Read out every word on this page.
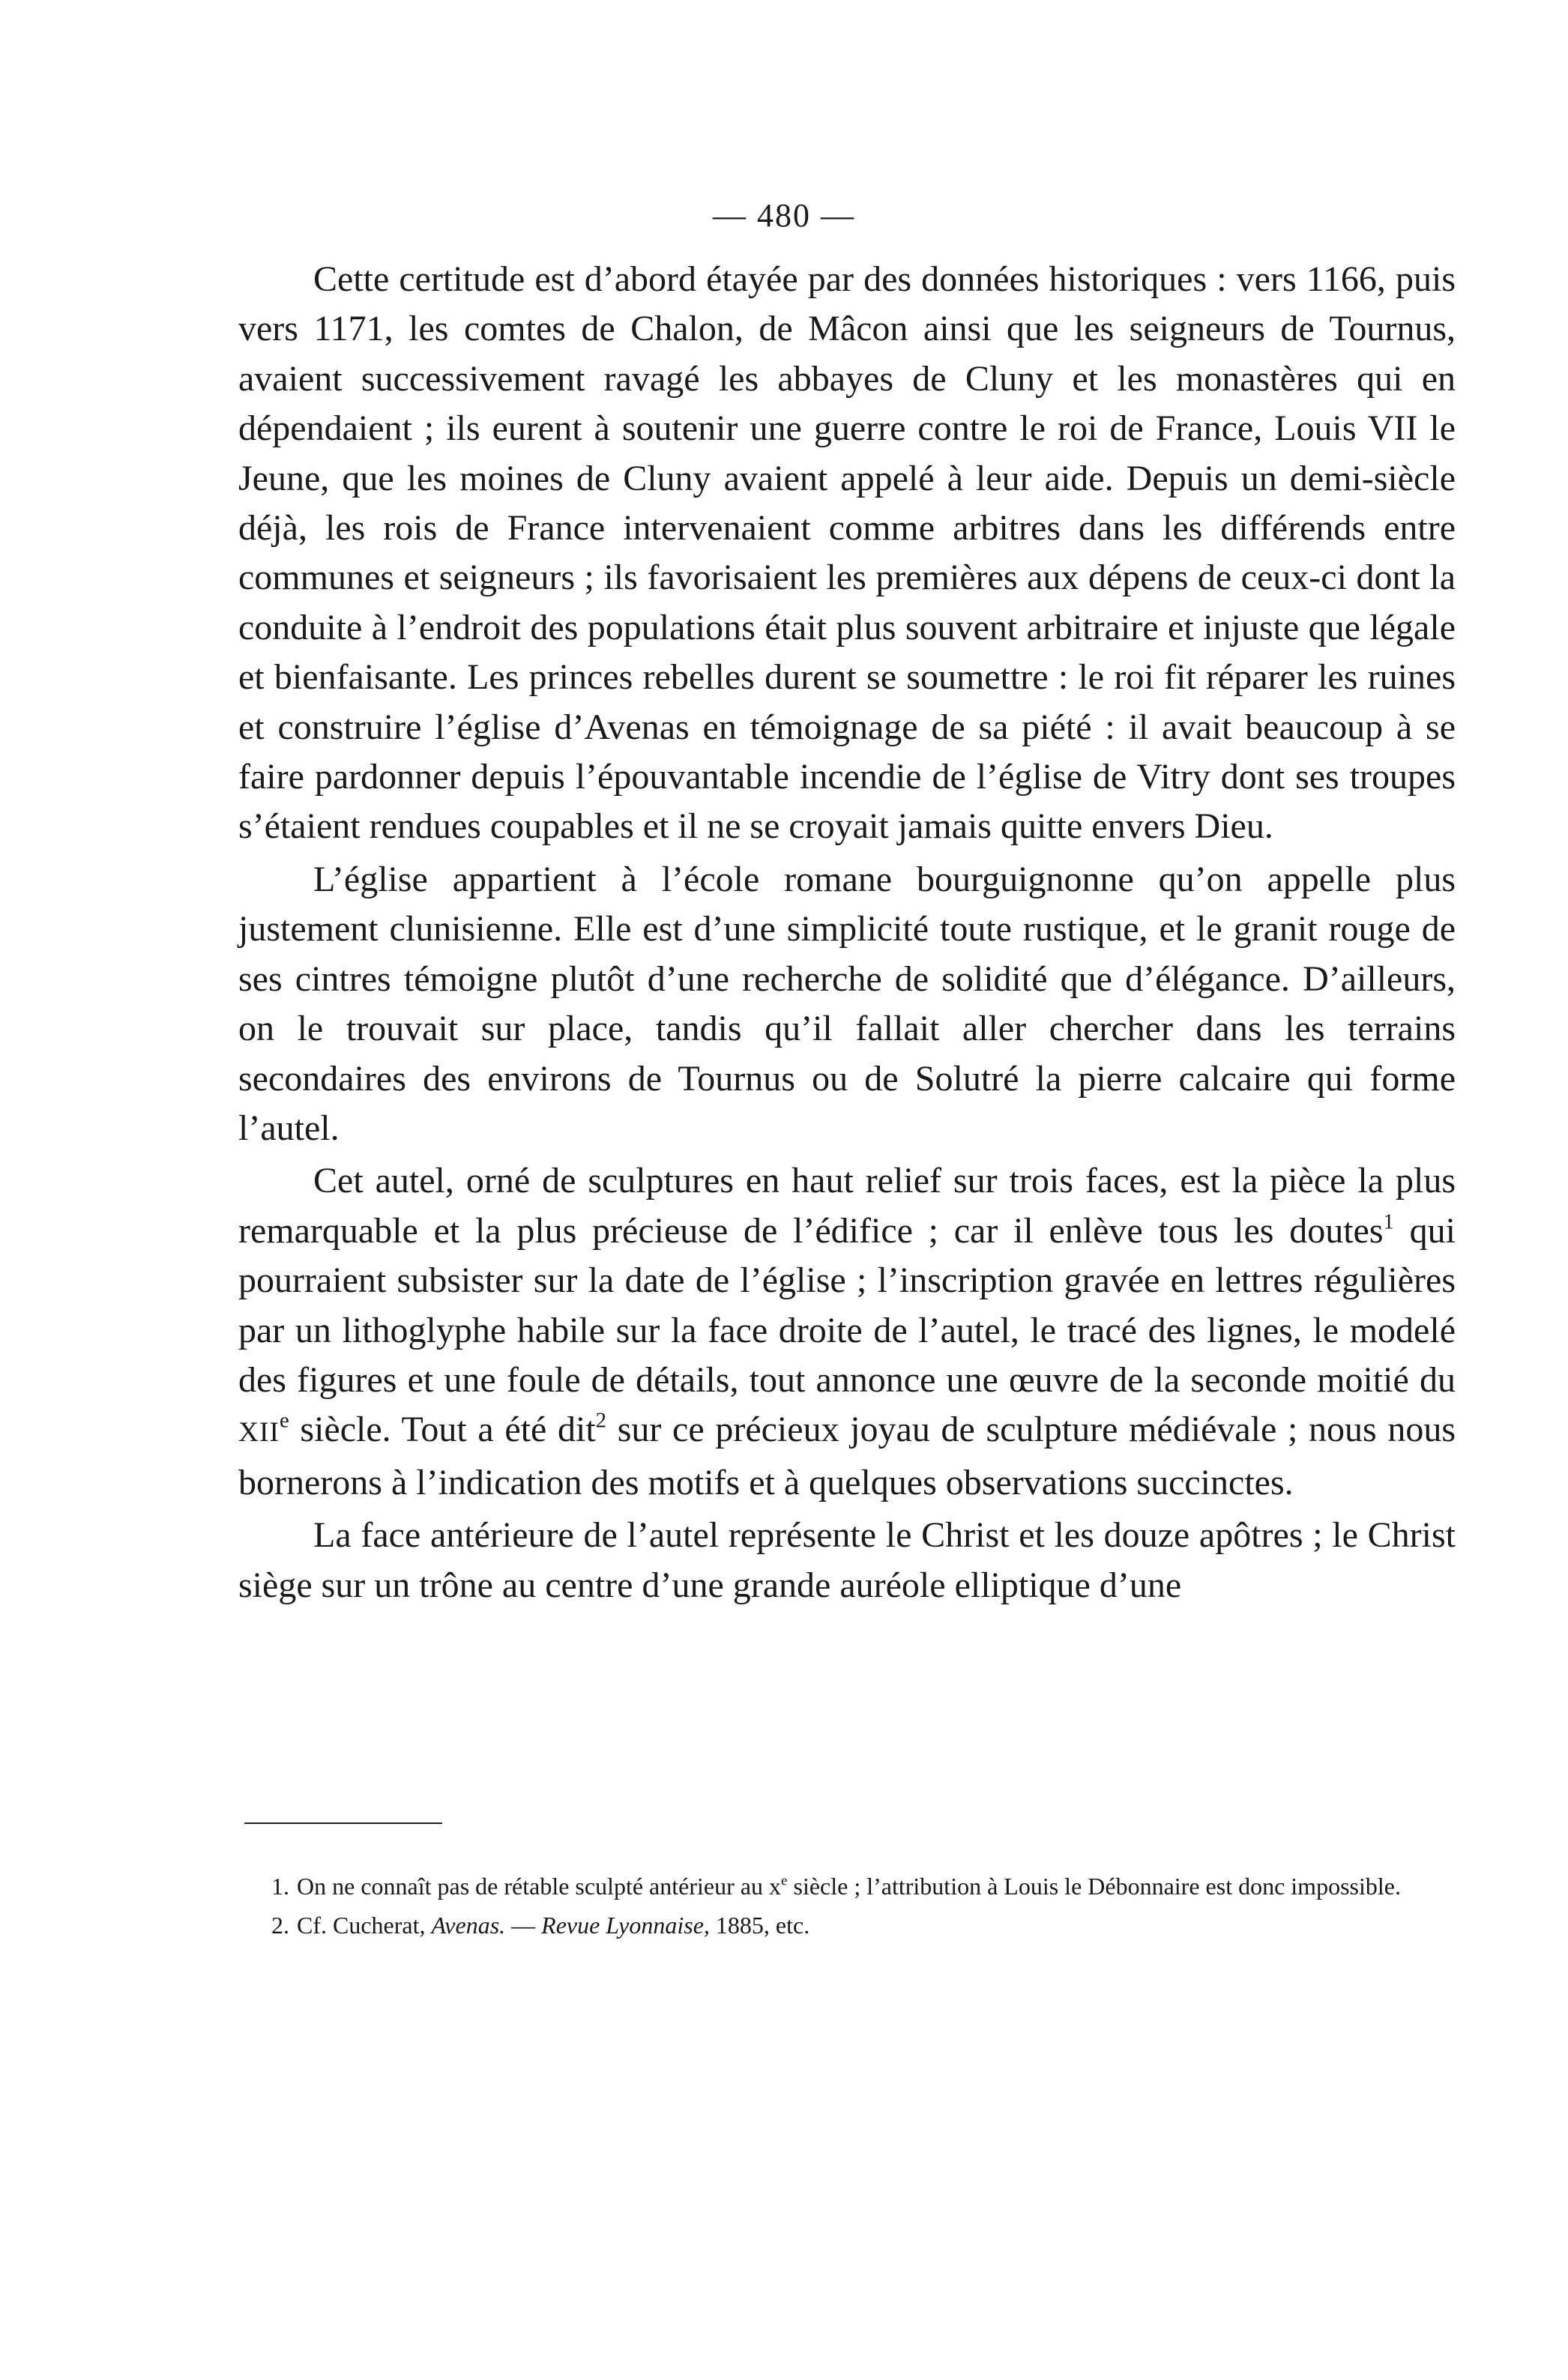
— 480 —

Cette certitude est d’abord étayée par des données historiques : vers 1166, puis vers 1171, les comtes de Chalon, de Mâcon ainsi que les seigneurs de Tournus, avaient successivement ravagé les abbayes de Cluny et les monastères qui en dépendaient ; ils eurent à soutenir une guerre contre le roi de France, Louis VII le Jeune, que les moines de Cluny avaient appelé à leur aide. Depuis un demi-siècle déjà, les rois de France intervenaient comme arbitres dans les différends entre communes et seigneurs ; ils favorisaient les premières aux dépens de ceux-ci dont la conduite à l’endroit des populations était plus souvent arbitraire et injuste que légale et bienfaisante. Les princes rebelles durent se soumettre : le roi fit réparer les ruines et construire l’église d’Avenas en témoignage de sa piété : il avait beaucoup à se faire pardonner depuis l’épouvantable incendie de l’église de Vitry dont ses troupes s’étaient rendues coupables et il ne se croyait jamais quitte envers Dieu.

L’église appartient à l’école romane bourguignonne qu’on appelle plus justement clunisienne. Elle est d’une simplicité toute rustique, et le granit rouge de ses cintres témoigne plutôt d’une recherche de solidité que d’élégance. D’ailleurs, on le trouvait sur place, tandis qu’il fallait aller chercher dans les terrains secondaires des environs de Tournus ou de Solutré la pierre calcaire qui forme l’autel.

Cet autel, orné de sculptures en haut relief sur trois faces, est la pièce la plus remarquable et la plus précieuse de l’édifice ; car il enlève tous les doutes$^1$ qui pourraient subsister sur la date de l’église ; l’inscription gravée en lettres régulières par un lithoglyphe habile sur la face droite de l’autel, le tracé des lignes, le modelé des figures et une foule de détails, tout annonce une œuvre de la seconde moitié du XIIe siècle. Tout a été dit$^2$ sur ce précieux joyau de sculpture médiévale ; nous nous bornerons à l’indication des motifs et à quelques observations succinctes.

La face antérieure de l’autel représente le Christ et les douze apôtres ; le Christ siège sur un trône au centre d’une grande auréole elliptique d’une

1. On ne connaît pas de rétable sculpté antérieur au $x^e$ siècle ; l’attribution à Louis le Débonnaire est donc impossible.

2. Cf. Cucherat, Avenas. — Revue Lyonnaise, 1885, etc.
